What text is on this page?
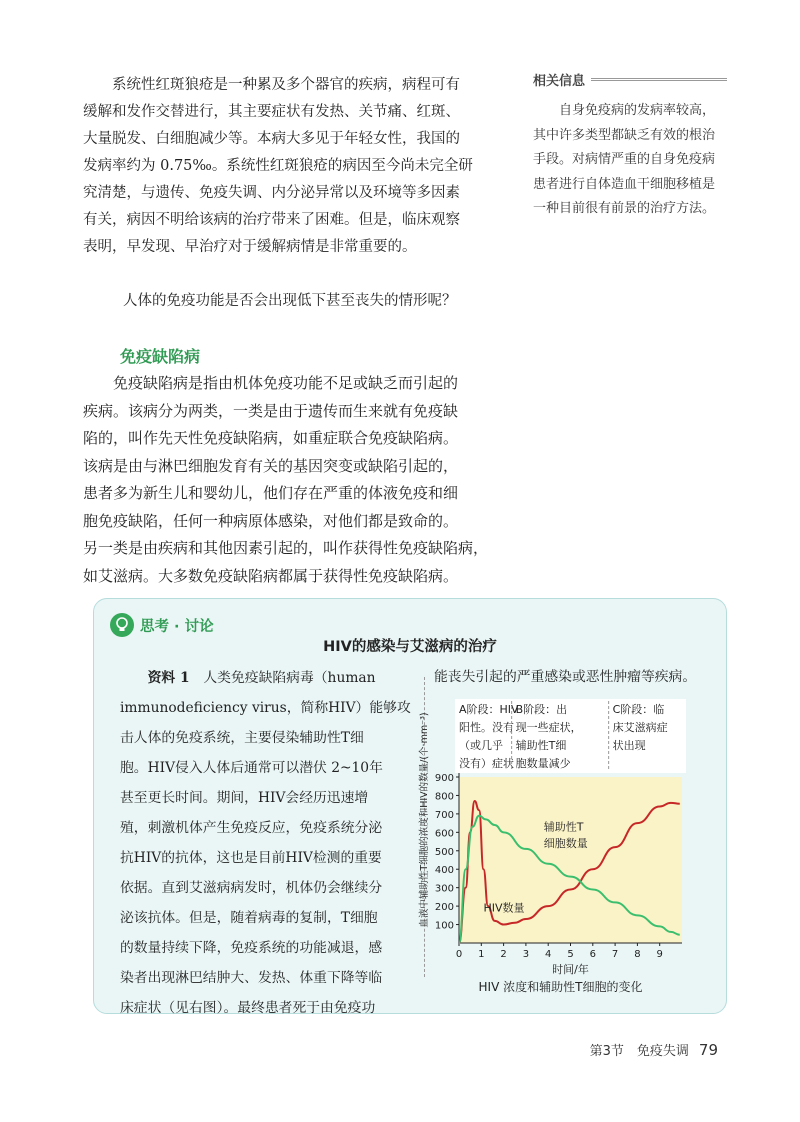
系统性红斑狼疮是一种累及多个器官的疾病，病程可有
缓解和发作交替进行，其主要症状有发热、关节痛、红斑、
大量脱发、白细胞减少等。本病大多见于年轻女性，我国的
发病率约为 0.75‰。系统性红斑狼疮的病因至今尚未完全研
究清楚，与遗传、免疫失调、内分泌异常以及环境等多因素
有关，病因不明给该病的治疗带来了困难。但是，临床观察
表明，早发现、早治疗对于缓解病情是非常重要的。
人体的免疫功能是否会出现低下甚至丧失的情形呢？
免疫缺陷病
免疫缺陷病是指由机体免疫功能不足或缺乏而引起的
疾病。该病分为两类，一类是由于遗传而生来就有免疫缺
陷的，叫作先天性免疫缺陷病，如重症联合免疫缺陷病。
该病是由与淋巴细胞发育有关的基因突变或缺陷引起的，
患者多为新生儿和婴幼儿，他们存在严重的体液免疫和细
胞免疫缺陷，任何一种病原体感染，对他们都是致命的。
另一类是由疾病和其他因素引起的，叫作获得性免疫缺陷病，
如艾滋病。大多数免疫缺陷病都属于获得性免疫缺陷病。
相关信息
自身免疫病的发病率较高，
其中许多类型都缺乏有效的根治
手段。对病情严重的自身免疫病
患者进行自体造血干细胞移植是
一种目前很有前景的治疗方法。
思考 · 讨论
HIV的感染与艾滋病的治疗
资料 1　 人类免疫缺陷病毒（human
immunodeficiency virus，简称HIV）能够攻
击人体的免疫系统，主要侵染辅助性T细
胞。HIV侵入人体后通常可以潜伏 2~10年
甚至更长时间。期间，HIV会经历迅速增
殖，刺激机体产生免疫反应，免疫系统分泌
抗HIV的抗体，这也是目前HIV检测的重要
依据。直到艾滋病病发时，机体仍会继续分
泌该抗体。但是，随着病毒的复制，T细胞
的数量持续下降，免疫系统的功能减退，感
染者出现淋巴结肿大、发热、体重下降等临
床症状（见右图）。最终患者死于由免疫功
能丧失引起的严重感染或恶性肿瘤等疾病。
A阶段：HIV
阳性。没有
（或几乎
没有）症状
B阶段：出
现一些症状，
辅助性T细
胞数量减少
C阶段：临
床艾滋病症
状出现
100
200
300
400
500
600
700
800
900
0 1 2 3 4 5 6 7 8 9
时间/年
血液中辅助性T细胞的浓度和HIV的数量/(个·mm⁻³)	HIV数量
辅助性T
细胞数量
HIV 浓度和辅助性T细胞的变化
第3节　免疫失调 79
